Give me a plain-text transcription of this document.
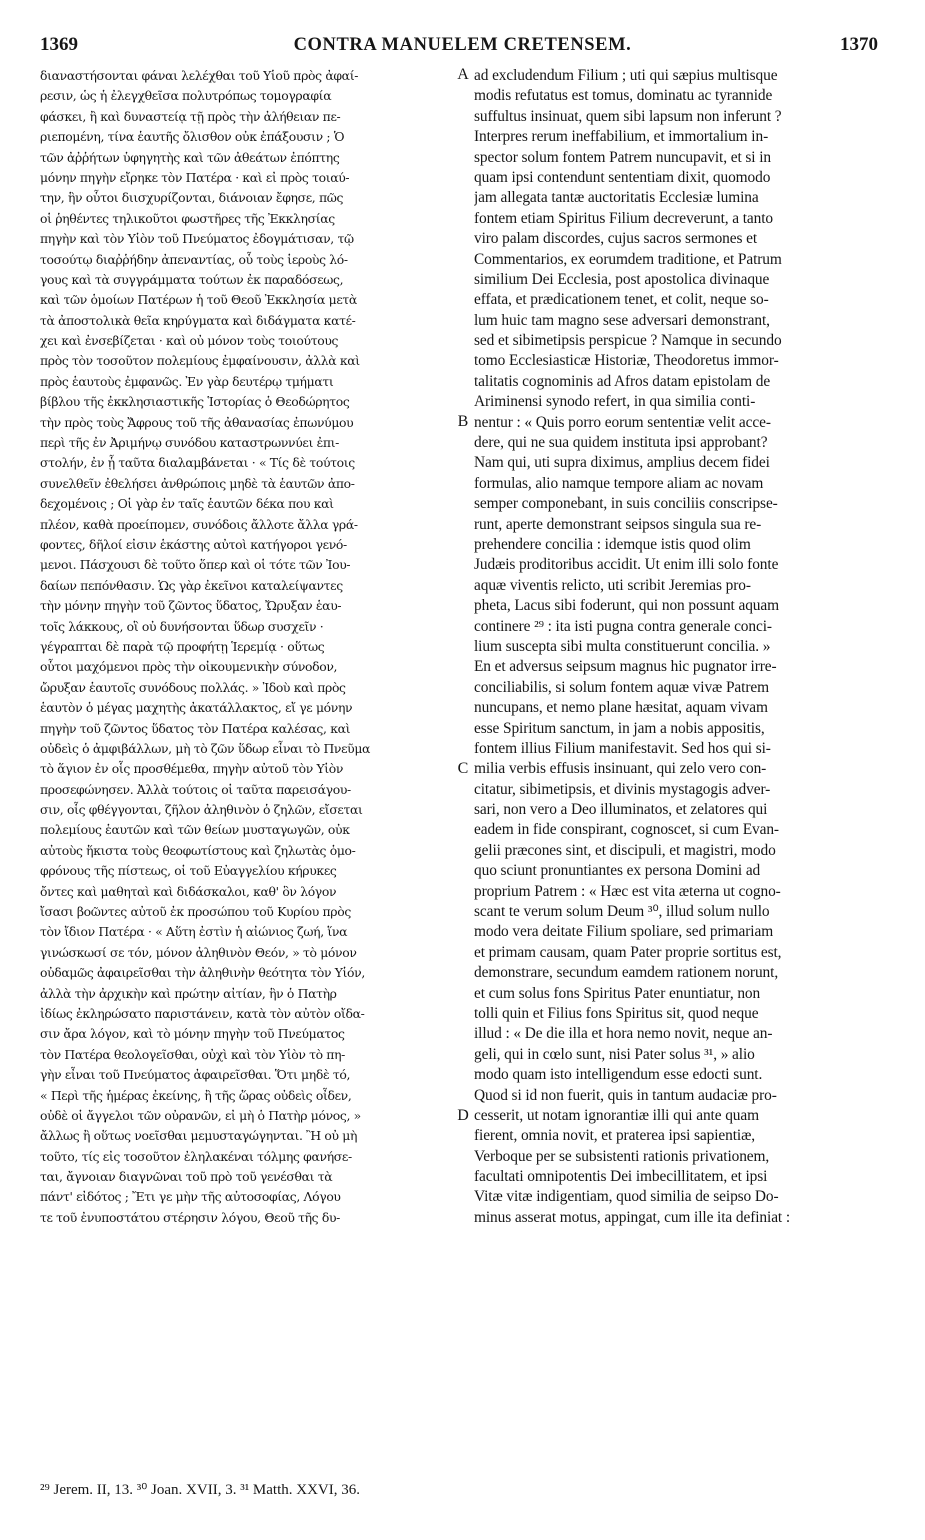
1369	CONTRA MANUELEM CRETENSEM.	1370
διαναστήσονται φάναι λελέχθαι τοῦ Υἱοῦ πρὸς ἀφαί-
ρεσιν, ὡς ἡ ἐλεγχθεῖσα πολυτρόπως τομογραφία
φάσκει, ἢ καὶ δυναστείᾳ τῇ πρὸς τὴν ἀλήθειαν πε-
ριεπομένη, τίνα ἑαυτῆς ὄλισθον οὐκ ἐπάξουσιν ; Ὁ
τῶν ἀῤῥήτων ὑφηγητὴς καὶ τῶν ἀθεάτων ἐπόπτης
μόνην πηγὴν εἴρηκε τὸν Πατέρα · καὶ εἰ πρὸς τοιαύ-
την, ἣν οὗτοι διισχυρίζονται, διάνοιαν ἔφησε, πῶς
οἱ ῥηθέντες τηλικοῦτοι φωστῆρες τῆς Ἐκκλησίας
πηγὴν καὶ τὸν Υἱὸν τοῦ Πνεύματος ἐδογμάτισαν, τῷ
τοσούτῳ διαῤῥήδην ἀπεναντίας, οὗ τοὺς ἱεροὺς λό-
γους καὶ τὰ συγγράμματα τούτων ἐκ παραδόσεως,
καὶ τῶν ὁμοίων Πατέρων ἡ τοῦ Θεοῦ Ἐκκλησία μετὰ
τὰ ἀποστολικὰ θεῖα κηρύγματα καὶ διδάγματα κατέ-
χει καὶ ἐνσεβίζεται · καὶ οὐ μόνον τοὺς τοιούτους
πρὸς τὸν τοσοῦτον πολεμίους ἐμφαίνουσιν, ἀλλὰ καὶ
πρὸς ἑαυτοὺς ἐμφανῶς. Ἐν γὰρ δευτέρῳ τμήματι
βίβλου τῆς ἐκκλησιαστικῆς Ἱστορίας ὁ Θεοδώρητος
τὴν πρὸς τοὺς Ἄφρους τοῦ τῆς ἀθανασίας ἐπωνύμου
περὶ τῆς ἐν Ἀριμήνῳ συνόδου καταστρωννύει ἐπι-
στολήν, ἐν ᾗ ταῦτα διαλαμβάνεται · « Τίς δὲ τούτοις
συνελθεῖν ἐθελήσει ἀνθρώποις μηδὲ τὰ ἑαυτῶν ἀπο-
δεχομένοις ; Οἱ γὰρ ἐν ταῖς ἑαυτῶν δέκα που καὶ
πλέον, καθὰ προείπομεν, συνόδοις ἄλλοτε ἄλλα γρά-
φοντες, δῆλοί εἰσιν ἑκάστης αὐτοὶ κατήγοροι γενό-
μενοι. Πάσχουσι δὲ τοῦτο ὅπερ καὶ οἱ τότε τῶν Ἰου-
δαίων πεπόνθασιν. Ὡς γὰρ ἐκεῖνοι καταλείψαντες
τὴν μόνην πηγὴν τοῦ ζῶντος ὕδατος, Ὤρυξαν ἑαυ-
τοῖς λάκκους, οἳ οὐ δυνήσονται ὕδωρ συσχεῖν ·
γέγραπται δὲ παρὰ τῷ προφήτῃ Ἱερεμίᾳ · οὕτως
οὗτοι μαχόμενοι πρὸς τὴν οἰκουμενικὴν σύνοδον,
ὤρυξαν ἑαυτοῖς συνόδους πολλάς. » Ἰδοὺ καὶ πρὸς
ἑαυτὸν ὁ μέγας μαχητὴς ἀκατάλλακτος, εἴ γε μόνην
πηγὴν τοῦ ζῶντος ὕδατος τὸν Πατέρα καλέσας, καὶ
οὐδεὶς ὁ ἀμφιβάλλων, μὴ τὸ ζῶν ὕδωρ εἶναι τὸ Πνεῦμα
τὸ ἅγιον ἐν οἷς προσθέμεθα, πηγὴν αὐτοῦ τὸν Υἱὸν
προσεφώνησεν. Ἀλλὰ τούτοις οἱ ταῦτα παρεισάγου-
σιν, οἷς φθέγγονται, ζῆλον ἀληθινὸν ὁ ζηλῶν, εἴσεται
πολεμίους ἑαυτῶν καὶ τῶν θείων μυσταγωγῶν, οὐκ
αὐτοὺς ἥκιστα τοὺς θεοφωτίστους καὶ ζηλωτὰς ὁμο-
φρόνους τῆς πίστεως, οἱ τοῦ Εὐαγγελίου κήρυκες
ὄντες καὶ μαθηταὶ καὶ διδάσκαλοι, καθ' ὃν λόγον
ἴσασι βοῶντες αὐτοῦ ἐκ προσώπου τοῦ Κυρίου πρὸς
τὸν ἴδιον Πατέρα · « Αὕτη ἐστὶν ἡ αἰώνιος ζωή, ἵνα
γινώσκωσί σε τόν, μόνον ἀληθινὸν Θεόν, » τὸ μόνον
οὐδαμῶς ἀφαιρεῖσθαι τὴν ἀληθινὴν θεότητα τὸν Υἱόν,
ἀλλὰ τὴν ἀρχικὴν καὶ πρώτην αἰτίαν, ἣν ὁ Πατὴρ
ἰδίως ἐκληρώσατο παριστάνειν, κατὰ τὸν αὐτὸν οἴδα-
σιν ἄρα λόγον, καὶ τὸ μόνην πηγὴν τοῦ Πνεύματος
τὸν Πατέρα θεολογεῖσθαι, οὐχὶ καὶ τὸν Υἱὸν τὸ πη-
γὴν εἶναι τοῦ Πνεύματος ἀφαιρεῖσθαι. Ὅτι μηδὲ τό,
« Περὶ τῆς ἡμέρας ἐκείνης, ἢ τῆς ὥρας οὐδεὶς οἶδεν,
οὐδὲ οἱ ἄγγελοι τῶν οὐρανῶν, εἰ μὴ ὁ Πατὴρ μόνος, »
ἄλλως ἢ οὕτως νοεῖσθαι μεμυσταγώγηνται. Ἢ οὐ μὴ
τοῦτο, τίς εἰς τοσοῦτον ἐληλακέναι τόλμης φανήσε-
ται, ἄγνοιαν διαγνῶναι τοῦ πρὸ τοῦ γενέσθαι τὰ
πάντ' εἰδότος ; Ἔτι γε μὴν τῆς αὐτοσοφίας, Λόγου
τε τοῦ ἐνυποστάτου στέρησιν λόγου, Θεοῦ τῆς δυ-
A
B
C
D
ad excludendum Filium ; uti qui sæpius multisque
modis refutatus est tomus, dominatu ac tyrannide
suffultus insinuat, quem sibi lapsum non inferunt ?
Interpres rerum ineffabilium, et immortalium in-
spector solum fontem Patrem nuncupavit, et si in
quam ipsi contendunt sententiam dixit, quomodo
jam allegata tantæ auctoritatis Ecclesiæ lumina
fontem etiam Spiritus Filium decreverunt, a tanto
viro palam discordes, cujus sacros sermones et
Commentarios, ex eorumdem traditione, et Patrum
similium Dei Ecclesia, post apostolica divinaque
effata, et prædicationem tenet, et colit, neque so-
lum huic tam magno sese adversari demonstrant,
sed et sibimetipsis perspicue ? Namque in secundo
tomo Ecclesiasticæ Historiæ, Theodoretus immor-
talitatis cognominis ad Afros datam epistolam de
Ariminensi synodo refert, in qua similia conti-
nentur : « Quis porro eorum sententiæ velit acce-
dere, qui ne sua quidem instituta ipsi approbant?
Nam qui, uti supra diximus, amplius decem fidei
formulas, alio namque tempore aliam ac novam
semper componebant, in suis conciliis conscripse-
runt, aperte demonstrant seipsos singula sua re-
prehendere concilia : idemque istis quod olim
Judæis proditoribus accidit. Ut enim illi solo fonte
aquæ viventis relicto, uti scribit Jeremias pro-
pheta, Lacus sibi foderunt, qui non possunt aquam
continere ²⁹ : ita isti pugna contra generale conci-
lium suscepta sibi multa constituerunt concilia. »
En et adversus seipsum magnus hic pugnator irre-
conciliabilis, si solum fontem aquæ vivæ Patrem
nuncupans, et nemo plane hæsitat, aquam vivam
esse Spiritum sanctum, in jam a nobis appositis,
fontem illius Filium manifestavit. Sed hos qui si-
milia verbis effusis insinuant, qui zelo vero con-
citatur, sibimetipsis, et divinis mystagogis adver-
sari, non vero a Deo illuminatos, et zelatores qui
eadem in fide conspirant, cognoscet, si cum Evan-
gelii præcones sint, et discipuli, et magistri, modo
quo sciunt pronuntiantes ex persona Domini ad
proprium Patrem : « Hæc est vita æterna ut cogno-
scant te verum solum Deum ³⁰, illud solum nullo
modo vera deitate Filium spoliare, sed primariam
et primam causam, quam Pater proprie sortitus est,
demonstrare, secundum eamdem rationem norunt,
et cum solus fons Spiritus Pater enuntiatur, non
tolli quin et Filius fons Spiritus sit, quod neque
illud : « De die illa et hora nemo novit, neque an-
geli, qui in cœlo sunt, nisi Pater solus ³¹, » alio
modo quam isto intelligendum esse edocti sunt.
Quod si id non fuerit, quis in tantum audaciæ pro-
cesserit, ut notam ignorantiæ illi qui ante quam
fierent, omnia novit, et praterea ipsi sapientiæ,
Verboque per se subsistenti rationis privationem,
facultati omnipotentis Dei imbecillitatem, et ipsi
Vitæ vitæ indigentiam, quod similia de seipso Do-
minus asserat motus, appingat, cum ille ita definiat :
²⁹ Jerem. II, 13. ³⁰ Joan. XVII, 3. ³¹ Matth. XXVI, 36.
